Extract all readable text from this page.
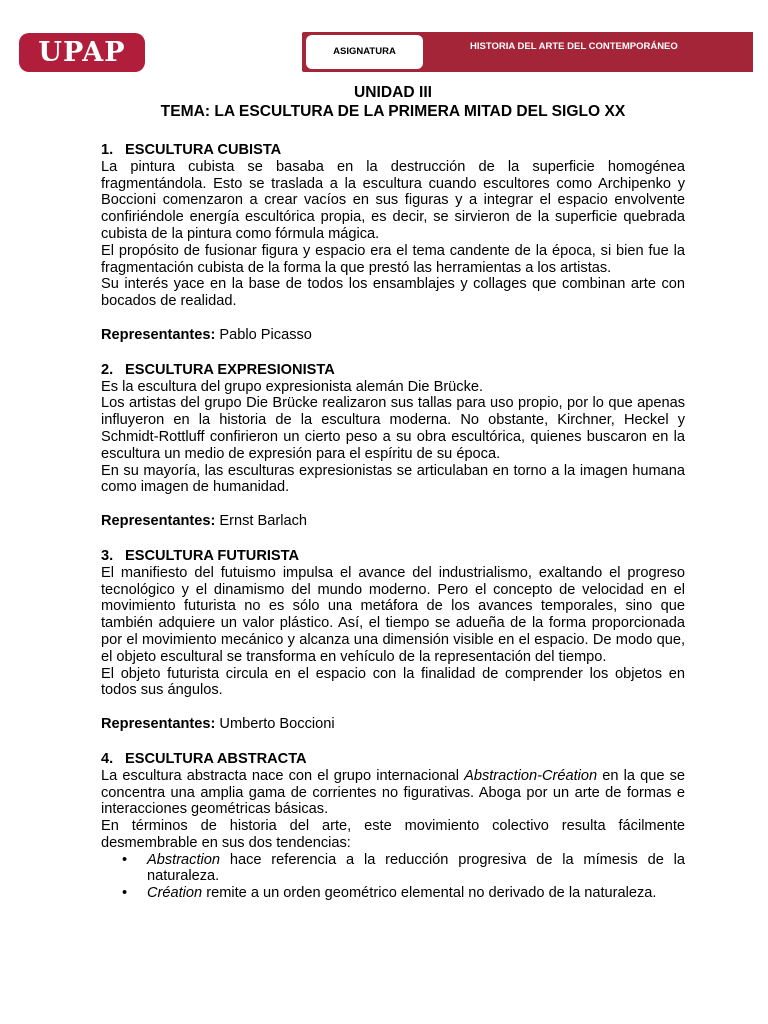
UPAP	ASIGNATURA	HISTORIA DEL ARTE DEL CONTEMPORÁNEO
UNIDAD III
TEMA: LA ESCULTURA DE LA PRIMERA MITAD DEL SIGLO XX
1. ESCULTURA CUBISTA

La pintura cubista se basaba en la destrucción de la superficie homogénea fragmentándola. Esto se traslada a la escultura cuando escultores como Archipenko y Boccioni comenzaron a crear vacíos en sus figuras y a integrar el espacio envolvente confiriéndole energía escultórica propia, es decir, se sirvieron de la superficie quebrada cubista de la pintura como fórmula mágica.

El propósito de fusionar figura y espacio era el tema candente de la época, si bien fue la fragmentación cubista de la forma la que prestó las herramientas a los artistas.

Su interés yace en la base de todos los ensamblajes y collages que combinan arte con bocados de realidad.

Representantes: Pablo Picasso

2. ESCULTURA EXPRESIONISTA

Es la escultura del grupo expresionista alemán Die Brücke.

Los artistas del grupo Die Brücke realizaron sus tallas para uso propio, por lo que apenas influyeron en la historia de la escultura moderna. No obstante, Kirchner, Heckel y Schmidt-Rottluff confirieron un cierto peso a su obra escultórica, quienes buscaron en la escultura un medio de expresión para el espíritu de su época.

En su mayoría, las esculturas expresionistas se articulaban en torno a la imagen humana como imagen de humanidad.

Representantes: Ernst Barlach

3. ESCULTURA FUTURISTA

El manifiesto del futuismo impulsa el avance del industrialismo, exaltando el progreso tecnológico y el dinamismo del mundo moderno. Pero el concepto de velocidad en el movimiento futurista no es sólo una metáfora de los avances temporales, sino que también adquiere un valor plástico. Así, el tiempo se adueña de la forma proporcionada por el movimiento mecánico y alcanza una dimensión visible en el espacio. De modo que, el objeto escultural se transforma en vehículo de la representación del tiempo.

El objeto futurista circula en el espacio con la finalidad de comprender los objetos en todos sus ángulos.

Representantes: Umberto Boccioni

4. ESCULTURA ABSTRACTA

La escultura abstracta nace con el grupo internacional Abstraction-Création en la que se concentra una amplia gama de corrientes no figurativas. Aboga por un arte de formas e interacciones geométricas básicas.

En términos de historia del arte, este movimiento colectivo resulta fácilmente desmembrable en sus dos tendencias:

• Abstraction hace referencia a la reducción progresiva de la mímesis de la naturaleza.
• Création remite a un orden geométrico elemental no derivado de la naturaleza.
